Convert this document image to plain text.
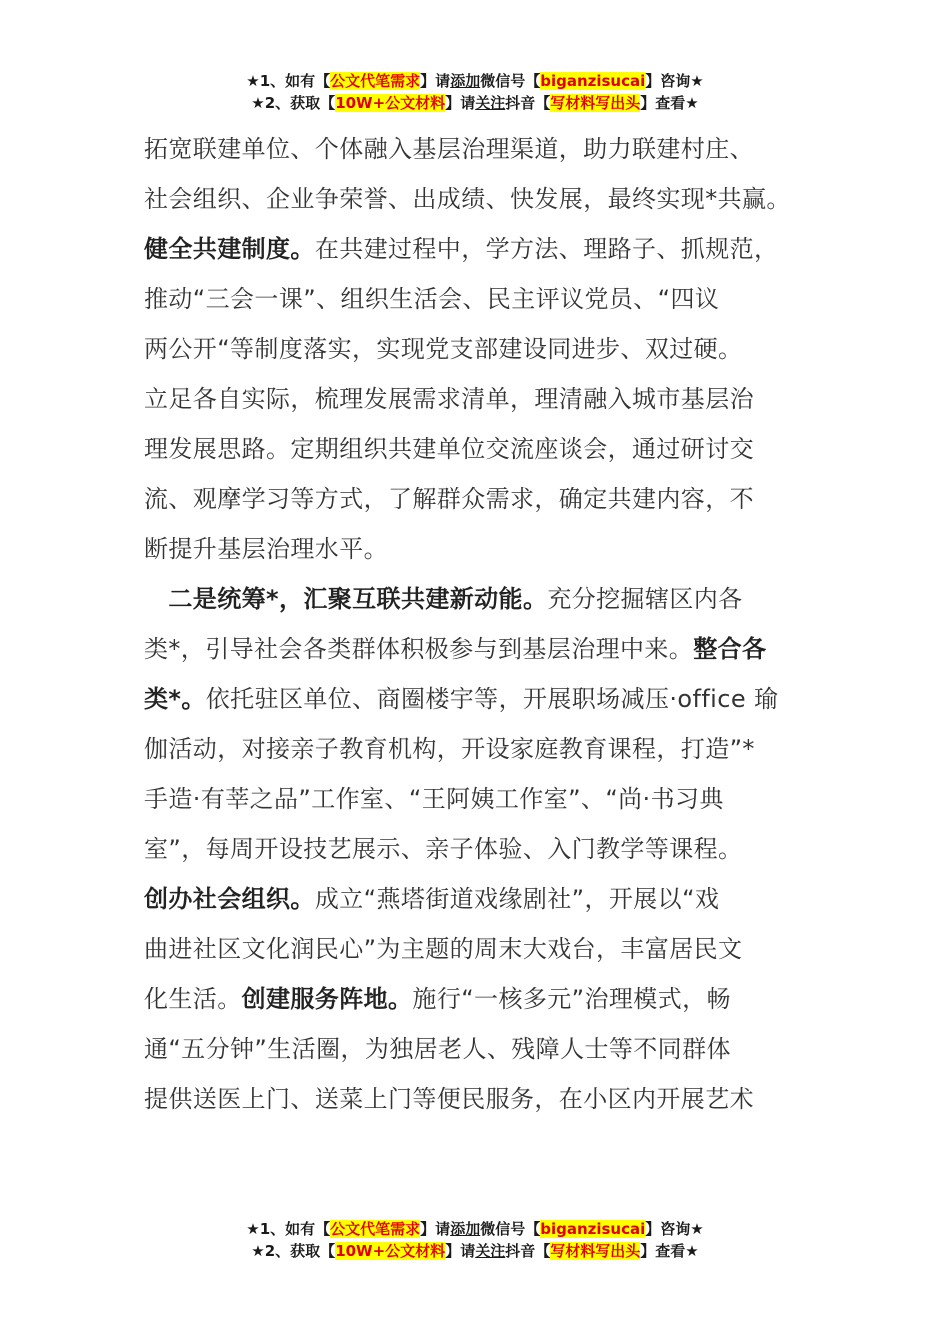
★1、如有【公文代笔需求】请添加微信号【biganzisucai】咨询★
★2、获取【10W+公文材料】请关注抖音【写材料写出头】查看★

拓宽联建单位、个体融入基层治理渠道，助力联建村庄、

社会组织、企业争荣誉、出成绩、快发展，最终实现*共赢。

健全共建制度。在共建过程中，学方法、理路子、抓规范，

推动“三会一课”、组织生活会、民主评议党员、“四议

两公开“等制度落实，实现党支部建设同进步、双过硬。

立足各自实际，梳理发展需求清单，理清融入城市基层治

理发展思路。定期组织共建单位交流座谈会，通过研讨交

流、观摩学习等方式，了解群众需求，确定共建内容，不

断提升基层治理水平。

　二是统筹*，汇聚互联共建新动能。充分挖掘辖区内各

类*，引导社会各类群体积极参与到基层治理中来。整合各

类*。依托驻区单位、商圈楼宇等，开展职场减压·office 瑜

伽活动，对接亲子教育机构，开设家庭教育课程，打造”*

手造·有莘之品”工作室、“王阿姨工作室”、“尚·书习典

室”，每周开设技艺展示、亲子体验、入门教学等课程。

创办社会组织。成立“燕塔街道戏缘剧社”，开展以“戏

曲进社区文化润民心”为主题的周末大戏台，丰富居民文

化生活。创建服务阵地。施行“一核多元”治理模式，畅

通“五分钟”生活圈，为独居老人、残障人士等不同群体

提供送医上门、送菜上门等便民服务，在小区内开展艺术

★1、如有【公文代笔需求】请添加微信号【biganzisucai】咨询★
★2、获取【10W+公文材料】请关注抖音【写材料写出头】查看★
